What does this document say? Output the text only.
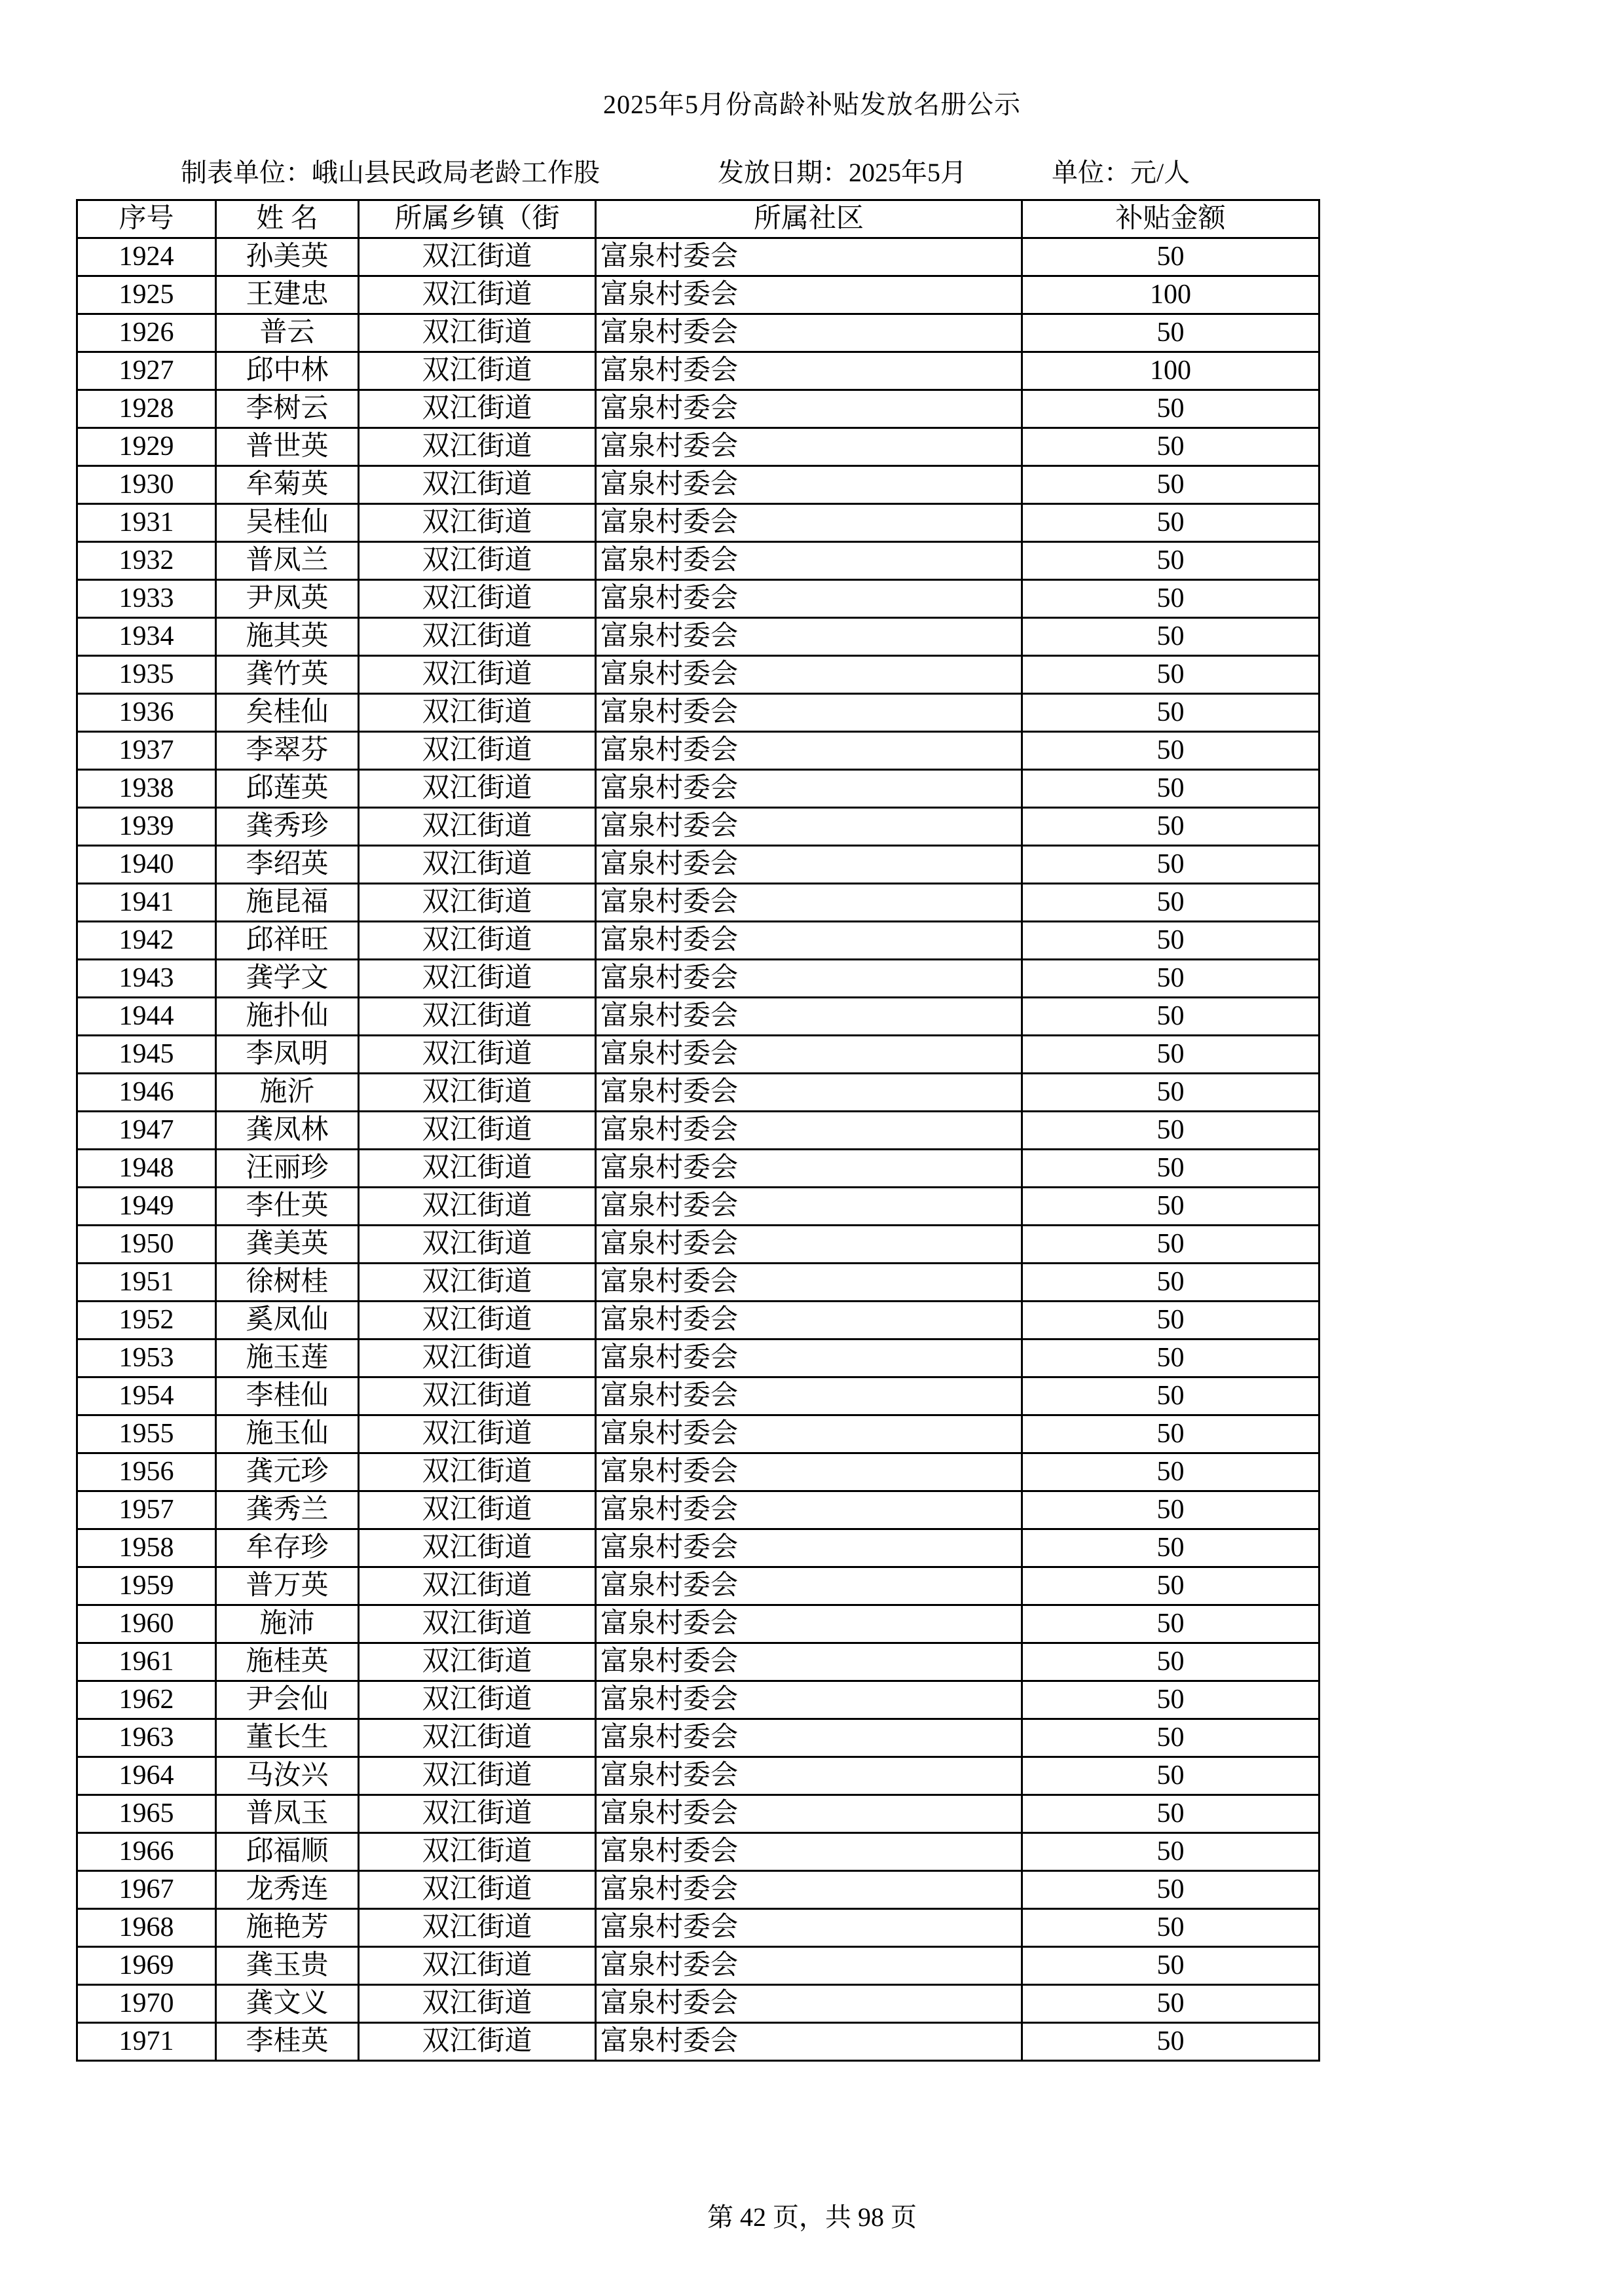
2025年5月份高龄补贴发放名册公示
制表单位：峨山县民政局老龄工作股	发放日期：2025年5月	单位：元/人
序号	姓 名	所属乡镇（街	所属社区	补贴金额
1924	孙美英	双江街道	富泉村委会	50
1925	王建忠	双江街道	富泉村委会	100
1926	普云	双江街道	富泉村委会	50
1927	邱中林	双江街道	富泉村委会	100
1928	李树云	双江街道	富泉村委会	50
1929	普世英	双江街道	富泉村委会	50
1930	牟菊英	双江街道	富泉村委会	50
1931	吴桂仙	双江街道	富泉村委会	50
1932	普凤兰	双江街道	富泉村委会	50
1933	尹凤英	双江街道	富泉村委会	50
1934	施其英	双江街道	富泉村委会	50
1935	龚竹英	双江街道	富泉村委会	50
1936	矣桂仙	双江街道	富泉村委会	50
1937	李翠芬	双江街道	富泉村委会	50
1938	邱莲英	双江街道	富泉村委会	50
1939	龚秀珍	双江街道	富泉村委会	50
1940	李绍英	双江街道	富泉村委会	50
1941	施昆福	双江街道	富泉村委会	50
1942	邱祥旺	双江街道	富泉村委会	50
1943	龚学文	双江街道	富泉村委会	50
1944	施扑仙	双江街道	富泉村委会	50
1945	李凤明	双江街道	富泉村委会	50
1946	施沂	双江街道	富泉村委会	50
1947	龚凤林	双江街道	富泉村委会	50
1948	汪丽珍	双江街道	富泉村委会	50
1949	李仕英	双江街道	富泉村委会	50
1950	龚美英	双江街道	富泉村委会	50
1951	徐树桂	双江街道	富泉村委会	50
1952	奚凤仙	双江街道	富泉村委会	50
1953	施玉莲	双江街道	富泉村委会	50
1954	李桂仙	双江街道	富泉村委会	50
1955	施玉仙	双江街道	富泉村委会	50
1956	龚元珍	双江街道	富泉村委会	50
1957	龚秀兰	双江街道	富泉村委会	50
1958	牟存珍	双江街道	富泉村委会	50
1959	普万英	双江街道	富泉村委会	50
1960	施沛	双江街道	富泉村委会	50
1961	施桂英	双江街道	富泉村委会	50
1962	尹会仙	双江街道	富泉村委会	50
1963	董长生	双江街道	富泉村委会	50
1964	马汝兴	双江街道	富泉村委会	50
1965	普凤玉	双江街道	富泉村委会	50
1966	邱福顺	双江街道	富泉村委会	50
1967	龙秀连	双江街道	富泉村委会	50
1968	施艳芳	双江街道	富泉村委会	50
1969	龚玉贵	双江街道	富泉村委会	50
1970	龚文义	双江街道	富泉村委会	50
1971	李桂英	双江街道	富泉村委会	50
第 42 页，共 98 页
